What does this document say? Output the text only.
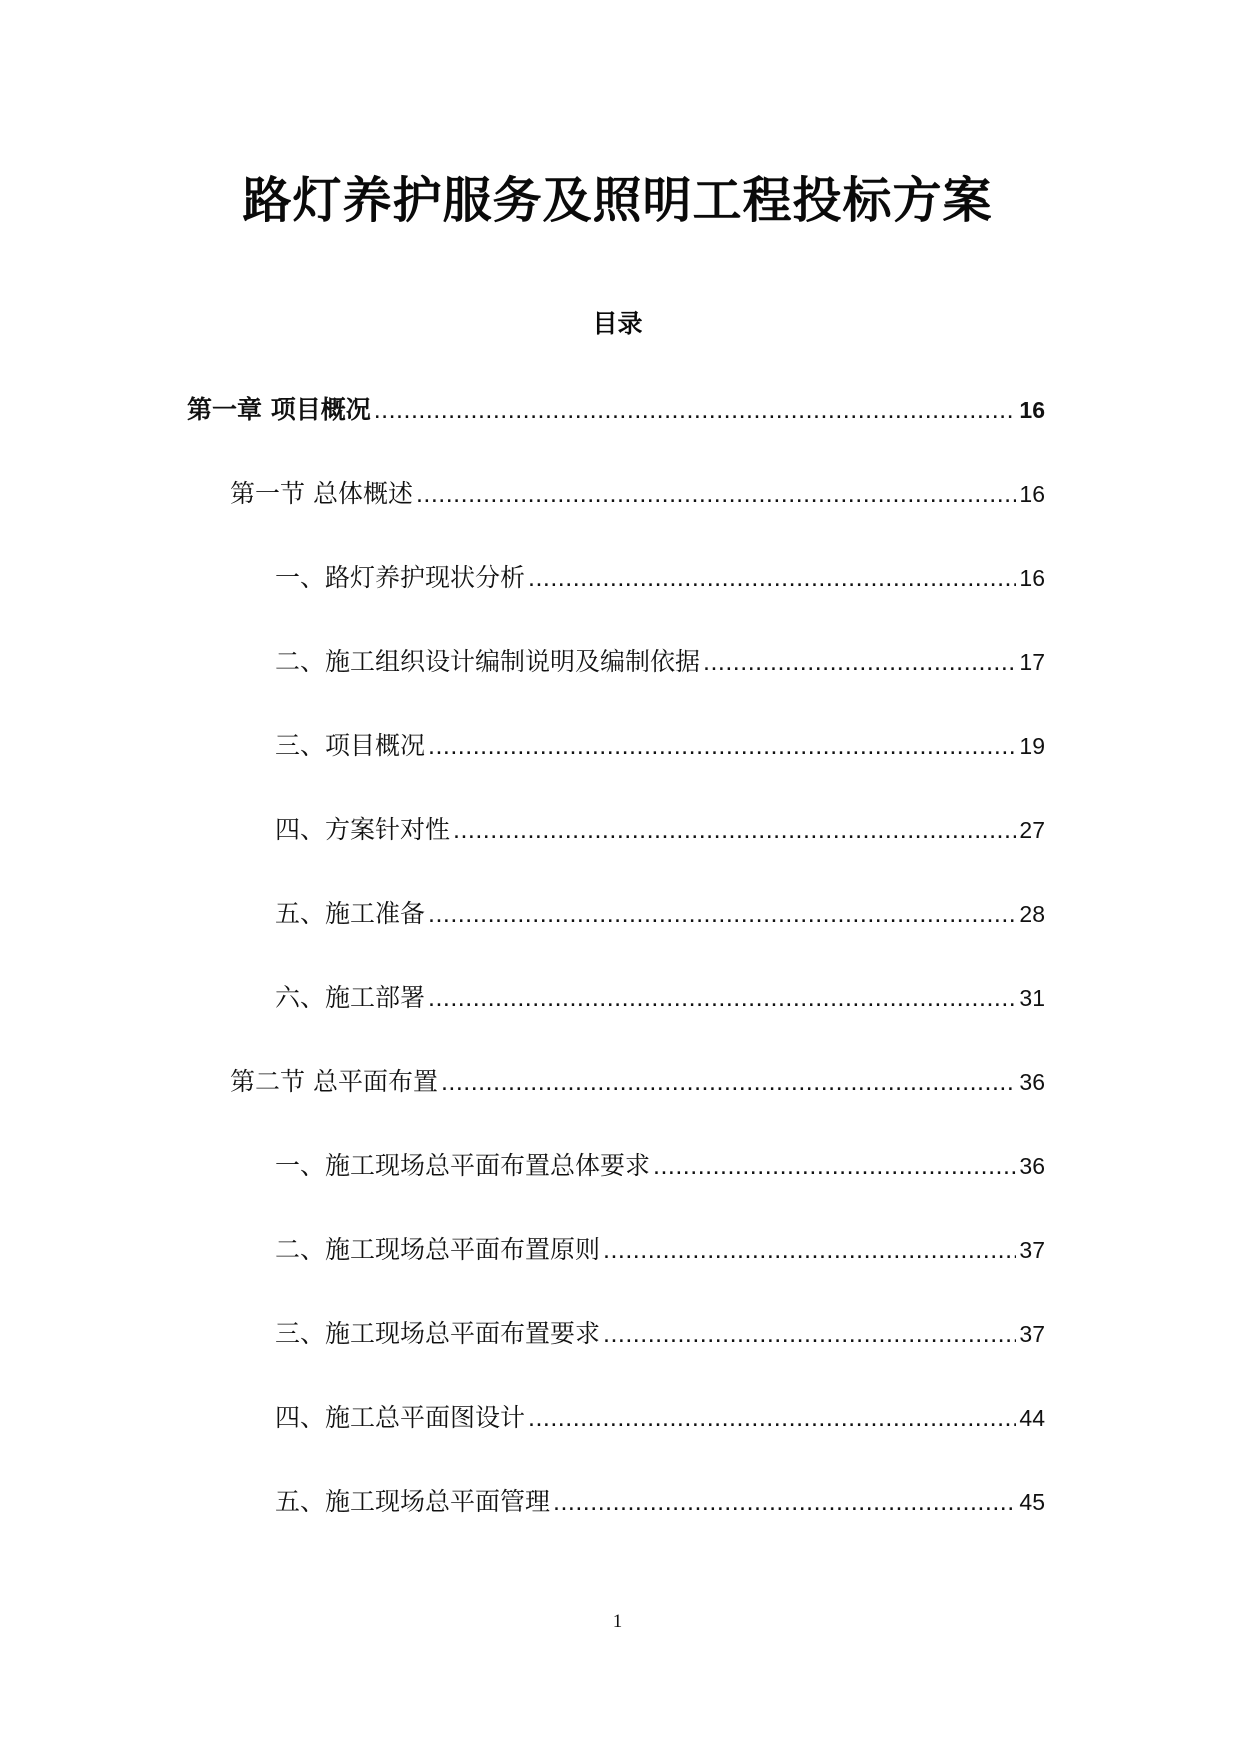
路灯养护服务及照明工程投标方案
目录
第一章 项目概况 .....	16
第一节 总体概述 .....	16
一、路灯养护现状分析 .....	16
二、施工组织设计编制说明及编制依据 .....	17
三、项目概况 .....	19
四、方案针对性 .....	27
五、施工准备 .....	28
六、施工部署 .....	31
第二节 总平面布置 .....	36
一、施工现场总平面布置总体要求 .....	36
二、施工现场总平面布置原则 .....	37
三、施工现场总平面布置要求 .....	37
四、施工总平面图设计 .....	44
五、施工现场总平面管理 .....	45
1
